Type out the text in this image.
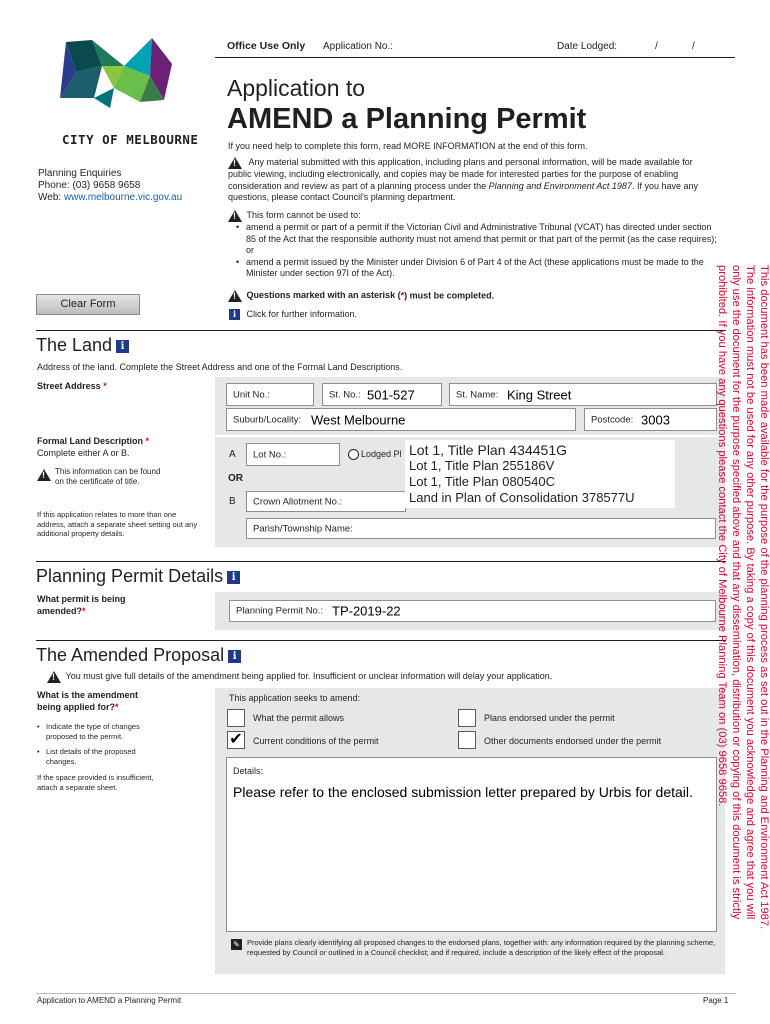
Office Use Only Application No.:	Date Lodged:	/	/
CITY OF MELBOURNE
Application to
AMEND a Planning Permit
If you need help to complete this form, read MORE INFORMATION at the end of this form.
Planning Enquiries
Phone: (03) 9658 9658
Web: www.melbourne.vic.gov.au
! Any material submitted with this application, including plans and personal information, will be made available for public viewing, including electronically, and copies may be made for interested parties for the purpose of enabling consideration and review as part of a planning process under the Planning and Environment Act 1987. If you have any questions, please contact Council's planning department.
! This form cannot be used to:
• amend a permit or part of a permit if the Victorian Civil and Administrative Tribunal (VCAT) has directed under section 85 of the Act that the responsible authority must not amend that permit or that part of the permit (as the case requires); or
• amend a permit issued by the Minister under Division 6 of Part 4 of the Act (these applications must be made to the Minister under section 97I of the Act).
! Questions marked with an asterisk (*) must be completed.
i Click for further information.
Clear Form
The Land i
Address of the land. Complete the Street Address and one of the Formal Land Descriptions.
Street Address *
Unit No.:	St. No.: 501-527	St. Name: King Street
Suburb/Locality: West Melbourne	Postcode: 3003
Formal Land Description *
Complete either A or B.
!
This information can be found on the certificate of title.
If this application relates to more than one address, attach a separate sheet setting out any additional property details.
A Lot No.:	Lodged Pl
OR
B Crown Allotment No.:
Parish/Township Name:
Lot 1, Title Plan 434451G
Lot 1, Title Plan 255186V
Lot 1, Title Plan 080540C
Land in Plan of Consolidation 378577U
Planning Permit Details i
What permit is being
amended?*	Planning Permit No.: TP-2019-22
The Amended Proposal i
! You must give full details of the amendment being applied for. Insufficient or unclear information will delay your application.
What is the amendment
being applied for?*
• Indicate the type of changes proposed to the permit.
• List details of the proposed changes.
If the space provided is insufficient, attach a separate sheet.
This application seeks to amend:
What the permit allows	Plans endorsed under the permit
✔ Current conditions of the permit	Other documents endorsed under the permit
Details:
Please refer to the enclosed submission letter prepared by Urbis for detail.
✎ Provide plans clearly identifying all proposed changes to the endorsed plans, together with: any information required by the planning scheme, requested by Council or outlined in a Council checklist; and if required, include a description of the likely effect of the proposal.
Application to AMEND a Planning Permit	Page 1
This document has been made available for the purpose of the planning process as set out in the Planning and Environment Act 1987.
The information must not be used for any other purpose. By taking a copy of this document you acknowledge and agree that you will
only use the document for the purpose specified above and that any dissemination, distribution or copying of this document is strictly
prohibited. If you have any questions please contact the City of Melbourne Planning Team on (03) 9658 9658.
